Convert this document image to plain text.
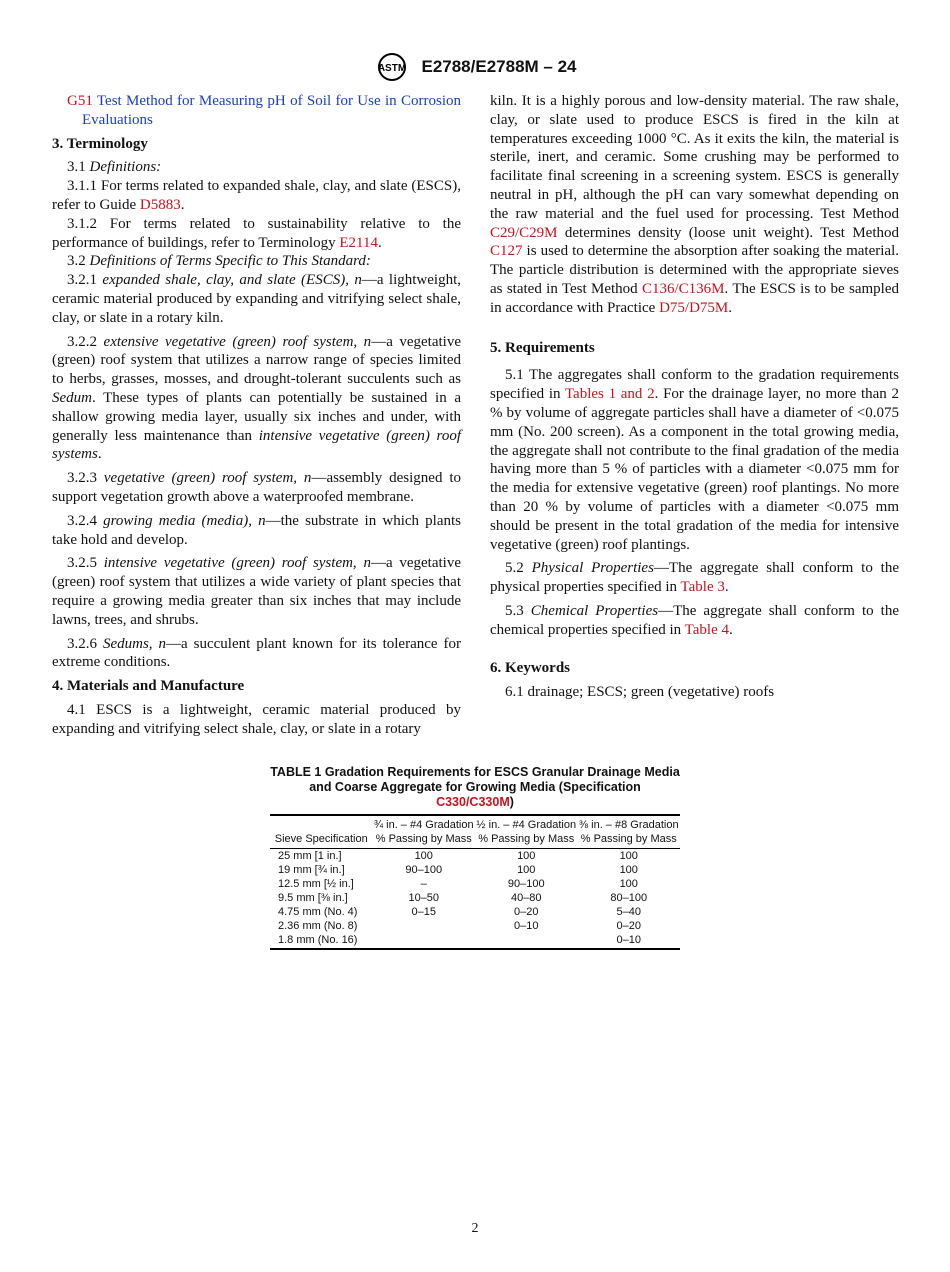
ASTM E2788/E2788M – 24

G51 Test Method for Measuring pH of Soil for Use in Corrosion Evaluations

3. Terminology

3.1 Definitions:

3.1.1 For terms related to expanded shale, clay, and slate (ESCS), refer to Guide D5883.

3.1.2 For terms related to sustainability relative to the performance of buildings, refer to Terminology E2114.

3.2 Definitions of Terms Specific to This Standard:

3.2.1 expanded shale, clay, and slate (ESCS), n—a lightweight, ceramic material produced by expanding and vitrifying select shale, clay, or slate in a rotary kiln.

3.2.2 extensive vegetative (green) roof system, n—a vegetative (green) roof system that utilizes a narrow range of species limited to herbs, grasses, mosses, and drought-tolerant succulents such as Sedum. These types of plants can potentially be sustained in a shallow growing media layer, usually six inches and under, with generally less maintenance than intensive vegetative (green) roof systems.

3.2.3 vegetative (green) roof system, n—assembly designed to support vegetation growth above a waterproofed membrane.

3.2.4 growing media (media), n—the substrate in which plants take hold and develop.

3.2.5 intensive vegetative (green) roof system, n—a vegetative (green) roof system that utilizes a wide variety of plant species that require a growing media greater than six inches that may include lawns, trees, and shrubs.

3.2.6 Sedums, n—a succulent plant known for its tolerance for extreme conditions.

4. Materials and Manufacture

4.1 ESCS is a lightweight, ceramic material produced by expanding and vitrifying select shale, clay, or slate in a rotary

kiln. It is a highly porous and low-density material. The raw shale, clay, or slate used to produce ESCS is fired in the kiln at temperatures exceeding 1000 °C. As it exits the kiln, the material is sterile, inert, and ceramic. Some crushing may be performed to facilitate final screening in a screening system. ESCS is generally neutral in pH, although the pH can vary somewhat depending on the raw material and the fuel used for processing. Test Method C29/C29M determines density (loose unit weight). Test Method C127 is used to determine the absorption after soaking the material. The particle distribution is determined with the appropriate sieves as stated in Test Method C136/C136M. The ESCS is to be sampled in accordance with Practice D75/D75M.

5. Requirements

5.1 The aggregates shall conform to the gradation requirements specified in Tables 1 and 2. For the drainage layer, no more than 2 % by volume of aggregate particles shall have a diameter of <0.075 mm (No. 200 screen). As a component in the total growing media, the aggregate shall not contribute to the final gradation of the media having more than 5 % of particles with a diameter <0.075 mm for the media for extensive vegetative (green) roof plantings. No more than 20 % by volume of particles with a diameter <0.075 mm should be present in the total gradation of the media for intensive vegetative (green) roof plantings.

5.2 Physical Properties—The aggregate shall conform to the physical properties specified in Table 3.

5.3 Chemical Properties—The aggregate shall conform to the chemical properties specified in Table 4.

6. Keywords

6.1 drainage; ESCS; green (vegetative) roofs

TABLE 1 Gradation Requirements for ESCS Granular Drainage Media and Coarse Aggregate for Growing Media (Specification
C330/C330M)
Sieve Specification	¾ in. – #4 Gradation % Passing by Mass	½ in. – #4 Gradation % Passing by Mass	⅜ in. – #8 Gradation % Passing by Mass
25 mm [1 in.]	100	100	100
19 mm [¾ in.]	90–100	100	100
12.5 mm [½ in.]	–	90–100	100
9.5 mm [⅜ in.]	10–50	40–80	80–100
4.75 mm (No. 4)	0–15	0–20	5–40
2.36 mm (No. 8)		0–10	0–20
1.8 mm (No. 16)			0–10
2
